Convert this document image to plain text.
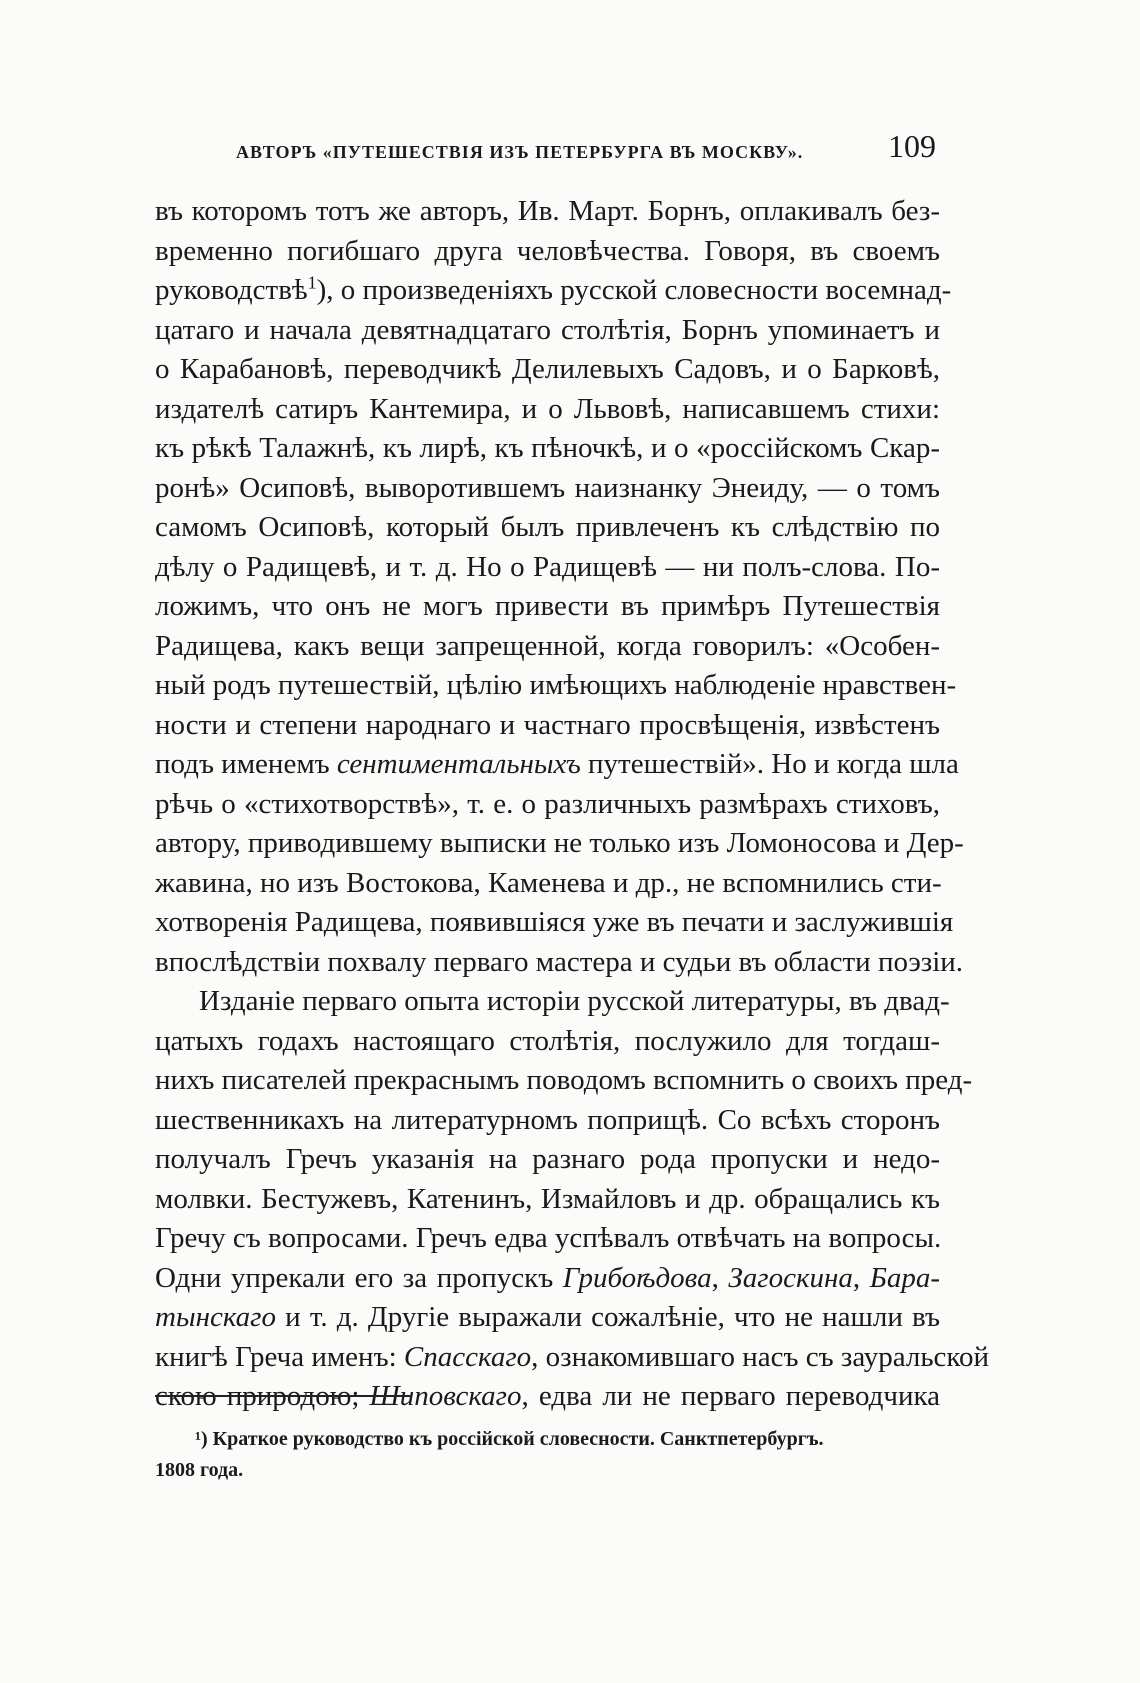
АВТОРЪ «ПУТЕШЕСТВІЯ ИЗЪ ПЕТЕРБУРГА ВЪ МОСКВУ».	109
въ которомъ тотъ же авторъ, Ив. Март. Борнъ, оплакивалъ без-
временно погибшаго друга человѣчества. Говоря, въ своемъ
руководствѣ$^1$), о произведеніяхъ русской словесности восемнад-
цатаго и начала девятнадцатаго столѣтія, Борнъ упоминаетъ и
о Карабановѣ, переводчикѣ Делилевыхъ Садовъ, и о Барковѣ,
издателѣ сатиръ Кантемира, и о Львовѣ, написавшемъ стихи:
къ рѣкѣ Талажнѣ, къ лирѣ, къ пѣночкѣ, и о «россійскомъ Скар-
ронѣ» Осиповѣ, выворотившемъ наизнанку Энеиду, — о томъ
самомъ Осиповѣ, который былъ привлеченъ къ слѣдствію по
дѣлу о Радищевѣ, и т. д. Но о Радищевѣ — ни полъ-слова. По-
ложимъ, что онъ не могъ привести въ примѣръ Путешествія
Радищева, какъ вещи запрещенной, когда говорилъ: «Особен-
ный родъ путешествій, цѣлію имѣющихъ наблюденіе нравствен-
ности и степени народнаго и частнаго просвѣщенія, извѣстенъ
подъ именемъ сентиментальныхъ путешествій». Но и когда шла
рѣчь о «стихотворствѣ», т. е. о различныхъ размѣрахъ стиховъ,
автору, приводившему выписки не только изъ Ломоносова и Дер-
жавина, но изъ Востокова, Каменева и др., не вспомнились сти-
хотворенія Радищева, появившіяся уже въ печати и заслужившія
впослѣдствіи похвалу перваго мастера и судьи въ области поэзіи.
Изданіе перваго опыта исторіи русской литературы, въ двад-
цатыхъ годахъ настоящаго столѣтія, послужило для тогдаш-
нихъ писателей прекраснымъ поводомъ вспомнить о своихъ пред-
шественникахъ на литературномъ поприщѣ. Со всѣхъ сторонъ
получалъ Гречъ указанія на разнаго рода пропуски и недо-
молвки. Бестужевъ, Катенинъ, Измайловъ и др. обращались къ
Гречу съ вопросами. Гречъ едва успѣвалъ отвѣчать на вопросы.
Одни упрекали его за пропускъ Грибоѣдова, Загоскина, Бара-
тынскаго и т. д. Другіе выражали сожалѣніе, что не нашли въ
книгѣ Греча именъ: Спасскаго, ознакомившаго насъ съ зауральской
скою природою; Шиповскаго, едва ли не перваго переводчика
¹) Краткое руководство къ россійской словесности. Санктпетербургъ.
1808 года.
